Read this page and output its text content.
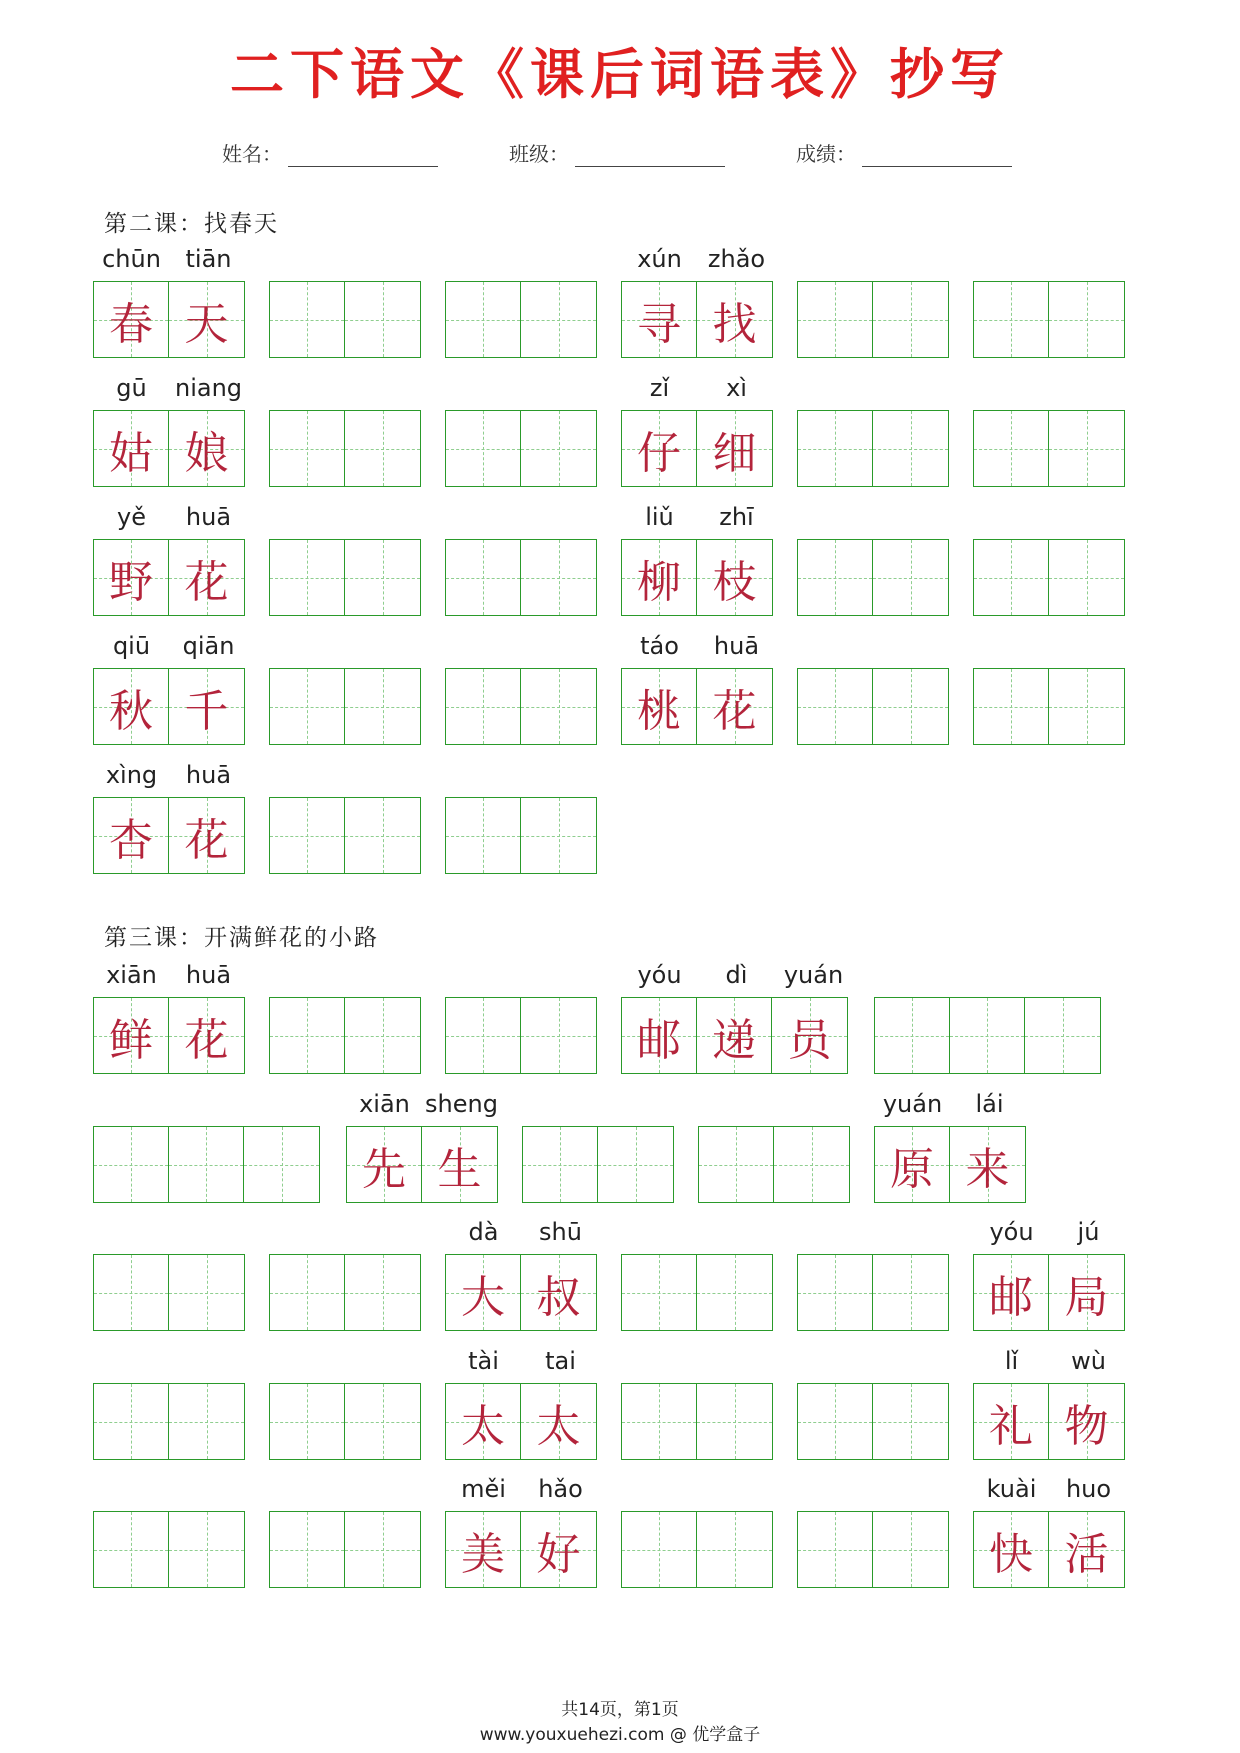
二下语文《课后词语表》抄写
姓名：	班级：	成绩：
第二课：找春天
第三课：开满鲜花的小路
chūn	tiān
春 天
xún	zhǎo
寻 找
gū	niang
姑 娘
zǐ	xì
仔 细
yě	huā
野 花
liǔ	zhī
柳 枝
qiū	qiān
秋 千
táo	huā
桃 花
xìng	huā
杏 花
xiān	huā
鲜 花
yóu	dì	yuán
邮 递 员
xiān sheng
先 生
yuán	lái
原 来
dà	shū
大 叔
yóu	jú
邮 局
tài	tai
太 太
lǐ	wù
礼 物
měi	hǎo
美 好
kuài	huo
快 活
共14页，第1页
www.youxuehezi.com @ 优学盒子
